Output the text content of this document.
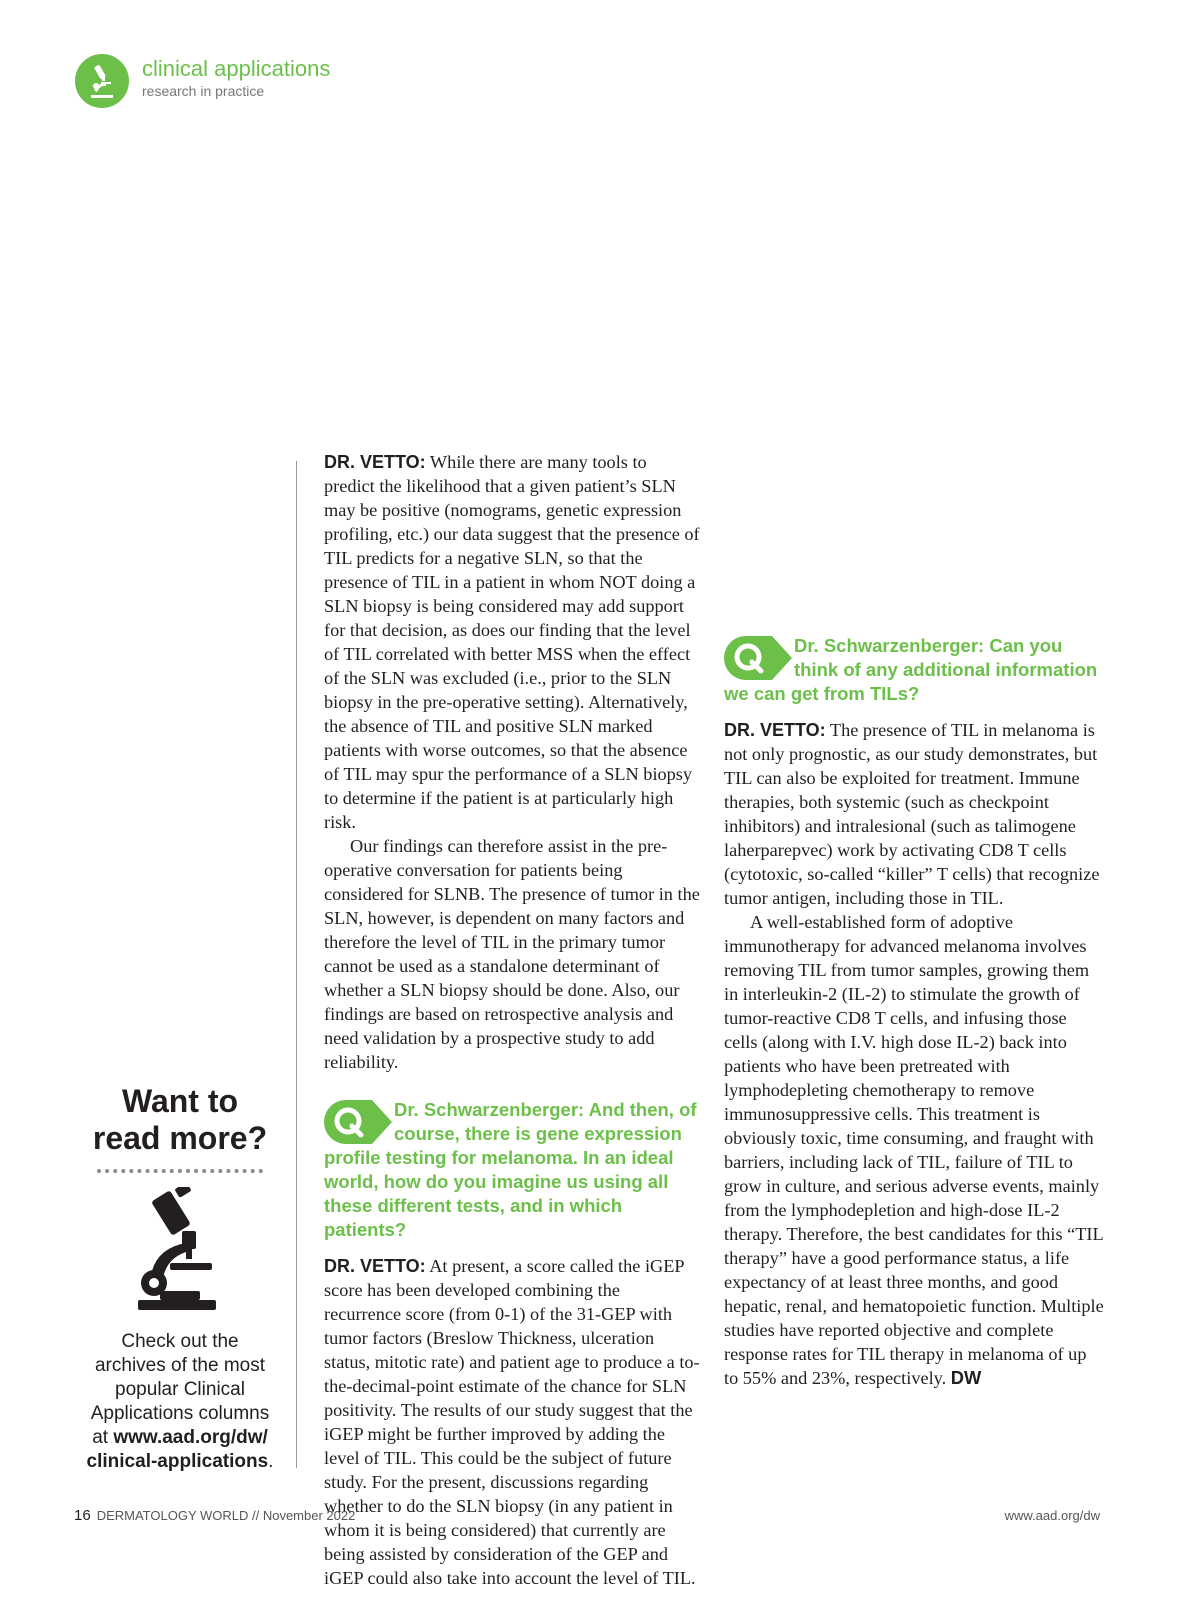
clinical applications
research in practice
Want to
read more?
Check out the
archives of the most
popular Clinical
Applications columns
at www.aad.org/dw/
clinical-applications.

DR. VETTO: While there are many tools to predict the likelihood that a given patient’s SLN may be positive (nomograms, genetic expression profiling, etc.) our data suggest that the presence of TIL predicts for a negative SLN, so that the presence of TIL in a patient in whom NOT doing a SLN biopsy is being considered may add support for that decision, as does our finding that the level of TIL correlated with better MSS when the effect of the SLN was excluded (i.e., prior to the SLN biopsy in the pre-operative setting). Alternatively, the absence of TIL and positive SLN marked patients with worse outcomes, so that the absence of TIL may spur the performance of a SLN biopsy to determine if the patient is at particularly high risk.

Our findings can therefore assist in the pre-operative conversation for patients being considered for SLNB. The presence of tumor in the SLN, however, is dependent on many factors and therefore the level of TIL in the primary tumor cannot be used as a standalone determinant of whether a SLN biopsy should be done. Also, our findings are based on retrospective analysis and need validation by a prospective study to add reliability.

Dr. Schwarzenberger: And then, of course, there is gene expression profile testing for melanoma. In an ideal world, how do you imagine us using all these different tests, and in which patients?

DR. VETTO: At present, a score called the iGEP score has been developed combining the recurrence score (from 0-1) of the 31-GEP with tumor factors (Breslow Thickness, ulceration status, mitotic rate) and patient age to produce a to-the-decimal-point estimate of the chance for SLN positivity. The results of our study suggest that the iGEP might be further improved by adding the level of TIL. This could be the subject of future study. For the present, discussions regarding whether to do the SLN biopsy (in any patient in whom it is being considered) that currently are being assisted by consideration of the GEP and iGEP could also take into account the level of TIL.

Dr. Schwarzenberger: Can you think of any additional information we can get from TILs?

DR. VETTO: The presence of TIL in melanoma is not only prognostic, as our study demonstrates, but TIL can also be exploited for treatment. Immune therapies, both systemic (such as checkpoint inhibitors) and intralesional (such as talimogene laherparepvec) work by activating CD8 T cells (cytotoxic, so-called “killer” T cells) that recognize tumor antigen, including those in TIL.

A well-established form of adoptive immunotherapy for advanced melanoma involves removing TIL from tumor samples, growing them in interleukin-2 (IL-2) to stimulate the growth of tumor-reactive CD8 T cells, and infusing those cells (along with I.V. high dose IL-2) back into patients who have been pretreated with lymphodepleting chemotherapy to remove immunosuppressive cells. This treatment is obviously toxic, time consuming, and fraught with barriers, including lack of TIL, failure of TIL to grow in culture, and serious adverse events, mainly from the lymphodepletion and high-dose IL-2 therapy. Therefore, the best candidates for this “TIL therapy” have a good performance status, a life expectancy of at least three months, and good hepatic, renal, and hematopoietic function. Multiple studies have reported objective and complete response rates for TIL therapy in melanoma of up to 55% and 23%, respectively. DW

16 DERMATOLOGY WORLD // November 2022	www.aad.org/dw
